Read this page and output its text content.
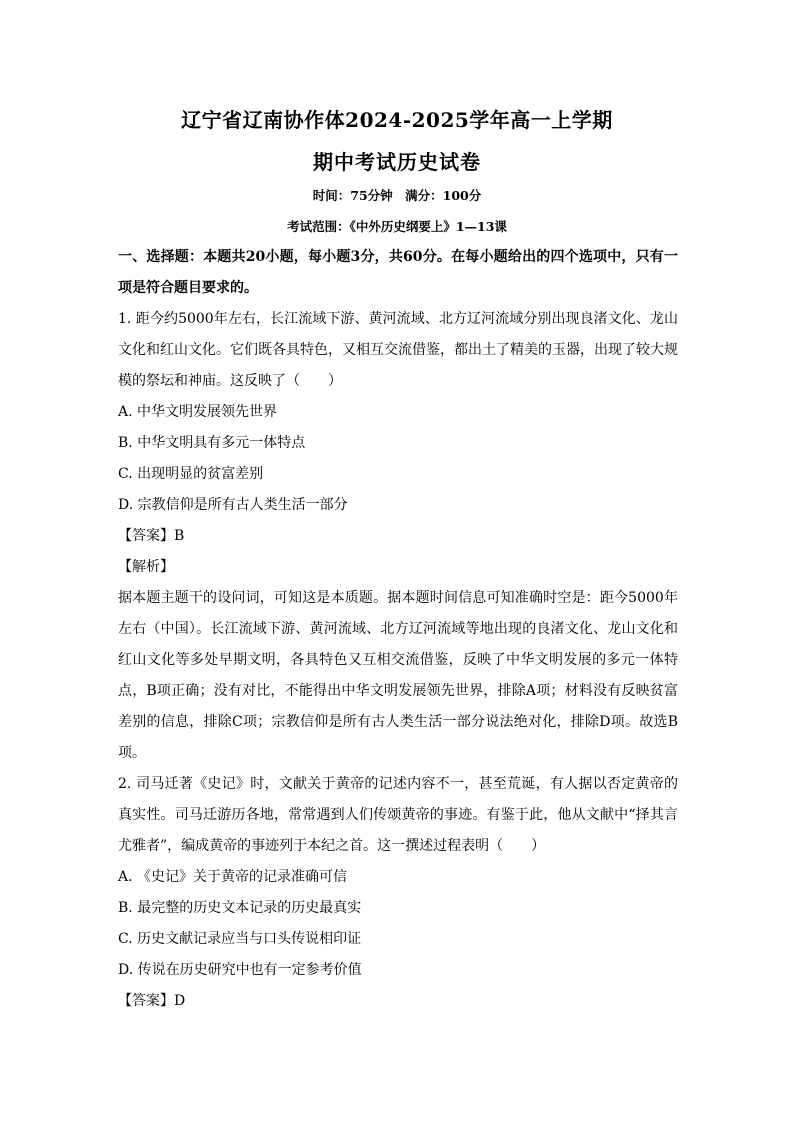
辽宁省辽南协作体2024-2025学年高一上学期
期中考试历史试卷
时间：75分钟　满分：100分
考试范围：《中外历史纲要上》1—13课

一、选择题：本题共20小题，每小题3分，共60分。在每小题给出的四个选项中，只有一项是符合题目要求的。

1. 距今约5000年左右，长江流域下游、黄河流域、北方辽河流域分别出现良渚文化、龙山文化和红山文化。它们既各具特色，又相互交流借鉴，都出土了精美的玉器，出现了较大规模的祭坛和神庙。这反映了（　　）

A. 中华文明发展领先世界

B. 中华文明具有多元一体特点

C. 出现明显的贫富差别

D. 宗教信仰是所有古人类生活一部分

【答案】B

【解析】

据本题主题干的设问词，可知这是本质题。据本题时间信息可知准确时空是：距今5000年左右（中国）。长江流域下游、黄河流域、北方辽河流域等地出现的良渚文化、龙山文化和红山文化等多处早期文明，各具特色又互相交流借鉴，反映了中华文明发展的多元一体特点，B项正确；没有对比，不能得出中华文明发展领先世界，排除A项；材料没有反映贫富差别的信息，排除C项；宗教信仰是所有古人类生活一部分说法绝对化，排除D项。故选B项。

2. 司马迁著《史记》时，文献关于黄帝的记述内容不一，甚至荒诞，有人据以否定黄帝的真实性。司马迁游历各地，常常遇到人们传颂黄帝的事迹。有鉴于此，他从文献中“择其言尤雅者”，编成黄帝的事迹列于本纪之首。这一撰述过程表明（　　）

A. 《史记》关于黄帝的记录准确可信

B. 最完整的历史文本记录的历史最真实

C. 历史文献记录应当与口头传说相印证

D. 传说在历史研究中也有一定参考价值

【答案】D
